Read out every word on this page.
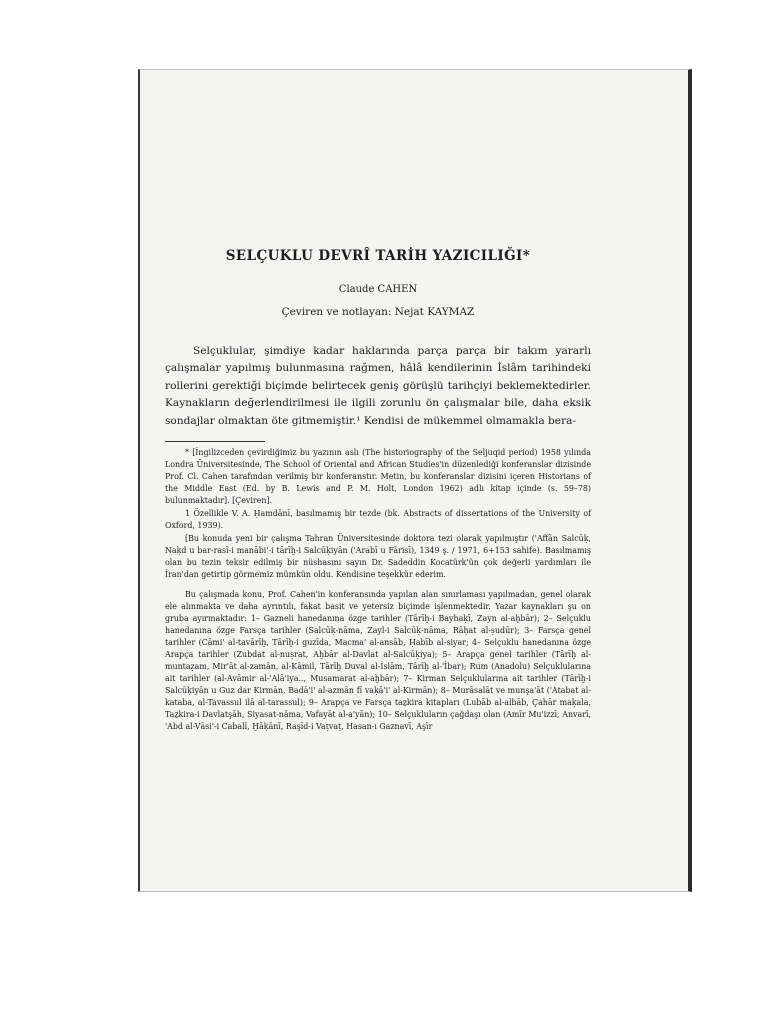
SELÇUKLU DEVRÎ TARİH YAZICILIĞI*
Claude CAHEN
Çeviren ve notlayan: Nejat KAYMAZ

Selçuklular, şimdiye kadar haklarında parça parça bir takım yararlı çalışmalar yapılmış bulunmasına rağmen, hâlâ kendilerinin İslâm tarihindeki rollerini gerektiği biçimde belirtecek geniş görüşlü tarihçiyi beklemektedirler. Kaynakların değerlendirilmesi ile ilgili zorunlu ön çalışmalar bile, daha eksik sondajlar olmaktan öte gitmemiştir.¹ Kendisi de mükemmel olmamakla bera-

* [İngilizceden çevirdiğimiz bu yazının aslı (The historiography of the Seljuqid period) 1958 yılında Londra Üniversitesinde, The School of Oriental and African Studies'in düzenlediği konferanslar dizisinde Prof. Cl. Cahen tarafından verilmiş bir konferanstır. Metin, bu konferanslar dizisini içeren Historians of the Middle East (Ed. by B. Lewis and P. M. Holt, London 1962) adlı kitap içinde (s. 59–78) bulunmaktadır]. [Çeviren].

1 Özellikle V. A. Ḥamdānī, basılmamış bir tezde (bk. Abstracts of dissertations of the University of Oxford, 1939).

[Bu konuda yeni bir çalışma Tahran Üniversitesinde doktora tezi olarak yapılmıştır ('Affān Salcūḳ, Naḳd u bar-rasī-i manābi'-i tārīḫ-i Salcūḳiyān ('Arabī u Fārisī), 1349 ş. / 1971, 6+153 sahife). Basılmamış olan bu tezin teksir edilmiş bir nüshasını sayın Dr. Sadeddin Kocatürk'ün çok değerli yardımları ile İran'dan getirtip görmemiz mümkün oldu. Kendisine teşekkür ederim.

Bu çalışmada konu, Prof. Cahen'in konferansında yapılan alan sınırlaması yapılmadan, genel olarak ele alınmakta ve daha ayrıntılı, fakat basit ve yetersiz biçimde işlenmektedir. Yazar kaynakları şu on gruba ayırmaktadır: 1– Gazneli hanedanına özge tarihler (Tārīḫ-i Bayhaḳī, Zayn al-aḫbār); 2– Selçuklu hanedanına özge Farsça tarihler (Salcūḳ-nāma, Zayl-i Salcūḳ-nāma, Rāḥat al-ṣudūr); 3– Farsça genel tarihler (Cāmi' al-tavārīḫ, Tārīḫ-i guzīda, Macma' al-ansāb, Ḥabīb al-siyar; 4– Selçuklu hanedanına özge Arapça tarihler (Zubdat al-nuṣrat, Aḫbār al-Davlat al-Salcūḳiya); 5– Arapça genel tarihler (Tārīḫ al-muntaẓam, Mir'āt al-zamān, al-Kāmil, Tārīḫ Duval al-İslām, Tārīḫ al-'İbar); Rum (Anadolu) Selçuklularına ait tarihler (al-Avāmir al-'Alā'iya.., Musamarat al-aḫbār); 7– Kirman Selçuklularına ait tarihler (Tārīḫ-i Salcūḳiyān u Guz dar Kirmān, Badā'i' al-azmān fī vaḳā'i' al-Kirmān); 8– Murāsalāt ve munşa'āt ('Atabat al-kataba, al-Tavassul ilā al-tarassul); 9– Arapça ve Farsça taẕkira kitapları (Lubāb al-albāb, Çahār maḳala, Taẕkira-i Davlatşāh, Siyasat-nāma, Vafayāt al-a'yān); 10– Selçukluların çağdaşı olan (Amīr Mu'izzī, Anvarī, 'Abd al-Vāsi'-i Cabalī, Ḫāḳānī, Raşīd-i Vaṭvaṭ, Hasan-ı Gaznavī, Aşīr
